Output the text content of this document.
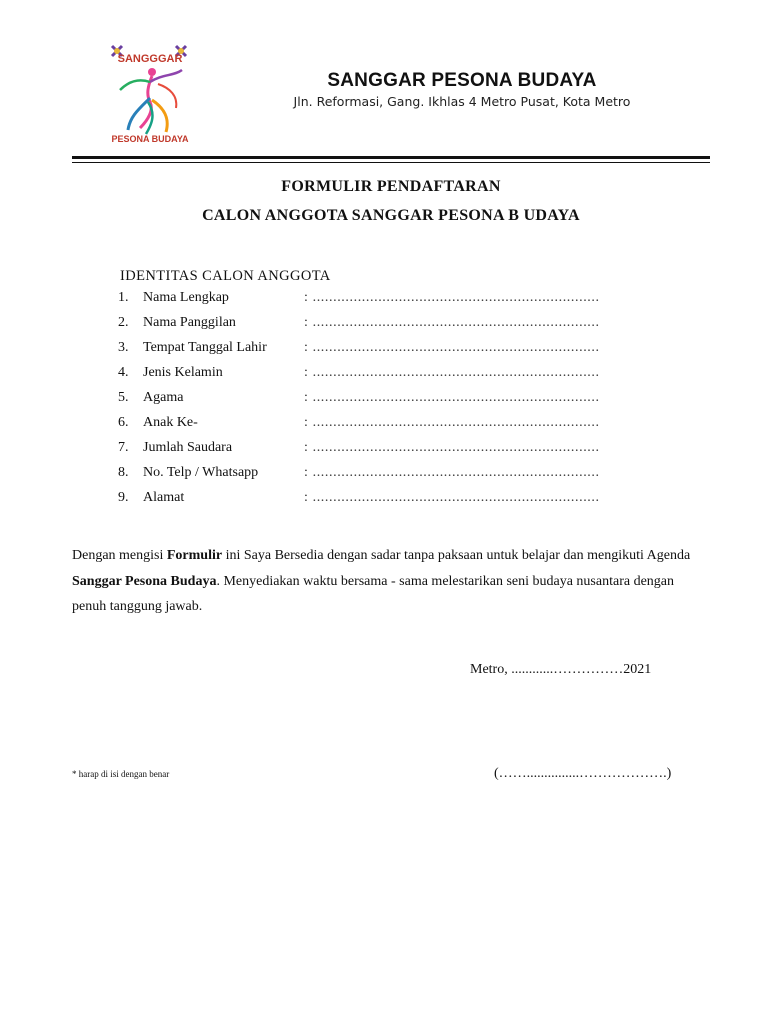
SANGGGAR
PESONA BUDAYA
SANGGAR PESONA BUDAYA
Jln. Reformasi, Gang. Ikhlas 4 Metro Pusat, Kota Metro
FORMULIR PENDAFTARAN
CALON ANGGOTA SANGGAR PESONA B UDAYA
IDENTITAS CALON ANGGOTA
1.	Nama Lengkap	: ......................................................................
2.	Nama Panggilan	: ......................................................................
3.	Tempat Tanggal Lahir	: ......................................................................
4.	Jenis Kelamin	: ......................................................................
5.	Agama	: ......................................................................
6.	Anak Ke-	: ......................................................................
7.	Jumlah Saudara	: ......................................................................
8.	No. Telp / Whatsapp	: ......................................................................
9.	Alamat	: ......................................................................
Dengan mengisi Formulir ini Saya Bersedia dengan sadar tanpa paksaan untuk belajar dan mengikuti Agenda Sanggar Pesona Budaya. Menyediakan waktu bersama - sama melestarikan seni budaya nusantara dengan penuh tanggung jawab.
Metro, ............……………2021
* harap di isi dengan benar	(……...............……………….)
